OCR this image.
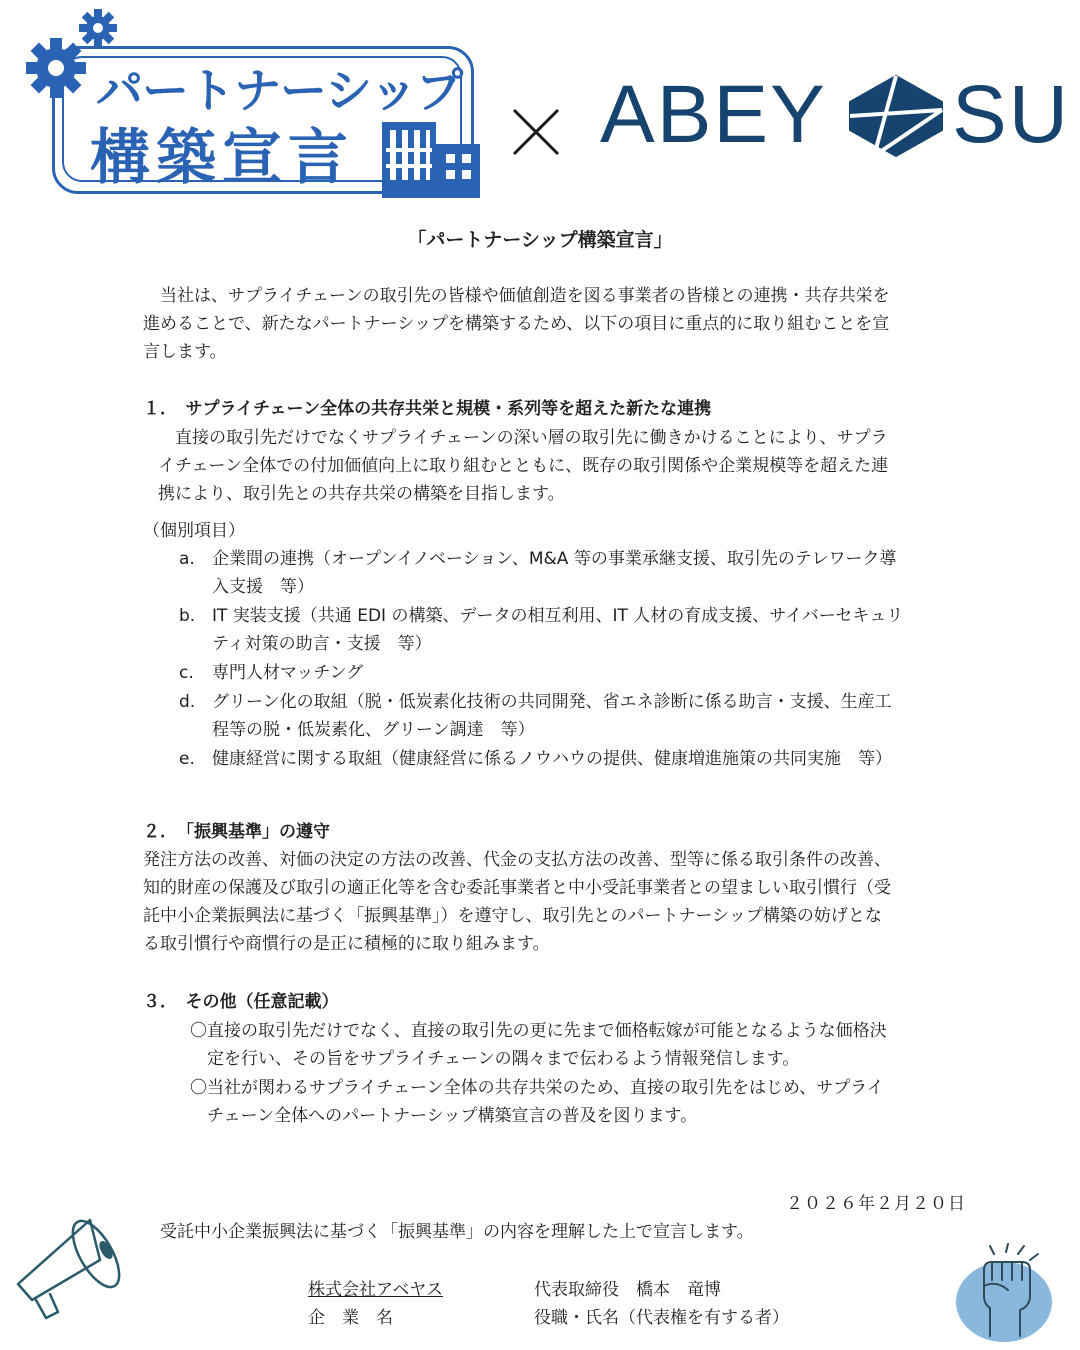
パートナーシップ
構築宣言	ABEY SU
「パートナーシップ構築宣言」
　当社は、サプライチェーンの取引先の皆様や価値創造を図る事業者の皆様との連携・共存共栄を
進めることで、新たなパートナーシップを構築するため、以下の項目に重点的に取り組むことを宣
言します。
１．　サプライチェーン全体の共存共栄と規模・系列等を超えた新たな連携
　直接の取引先だけでなくサプライチェーンの深い層の取引先に働きかけることにより、サプラ
イチェーン全体での付加価値向上に取り組むとともに、既存の取引関係や企業規模等を超えた連
携により、取引先との共存共栄の構築を目指します。
（個別項目）
a. 企業間の連携（オープンイノベーション、M&A 等の事業承継支援、取引先のテレワーク導
入支援　等）
b. IT 実装支援（共通 EDI の構築、データの相互利用、IT 人材の育成支援、サイバーセキュリ
ティ対策の助言・支援　等）
c. 専門人材マッチング
d. グリーン化の取組（脱・低炭素化技術の共同開発、省エネ診断に係る助言・支援、生産工
程等の脱・低炭素化、グリーン調達　等）
e. 健康経営に関する取組（健康経営に係るノウハウの提供、健康増進施策の共同実施　等）
２．　「振興基準」の遵守
発注方法の改善、対価の決定の方法の改善、代金の支払方法の改善、型等に係る取引条件の改善、
知的財産の保護及び取引の適正化等を含む委託事業者と中小受託事業者との望ましい取引慣行（受
託中小企業振興法に基づく「振興基準」）を遵守し、取引先とのパートナーシップ構築の妨げとな
る取引慣行や商慣行の是正に積極的に取り組みます。
３．　その他（任意記載）
〇直接の取引先だけでなく、直接の取引先の更に先まで価格転嫁が可能となるような価格決
　定を行い、その旨をサプライチェーンの隅々まで伝わるよう情報発信します。
〇当社が関わるサプライチェーン全体の共存共栄のため、直接の取引先をはじめ、サプライ
　チェーン全体へのパートナーシップ構築宣言の普及を図ります。
２０２６年２月２０日
受託中小企業振興法に基づく「振興基準」の内容を理解した上で宣言します。
株式会社アベヤス
企　業　名
代表取締役　橋本　竜博
役職・氏名（代表権を有する者）
